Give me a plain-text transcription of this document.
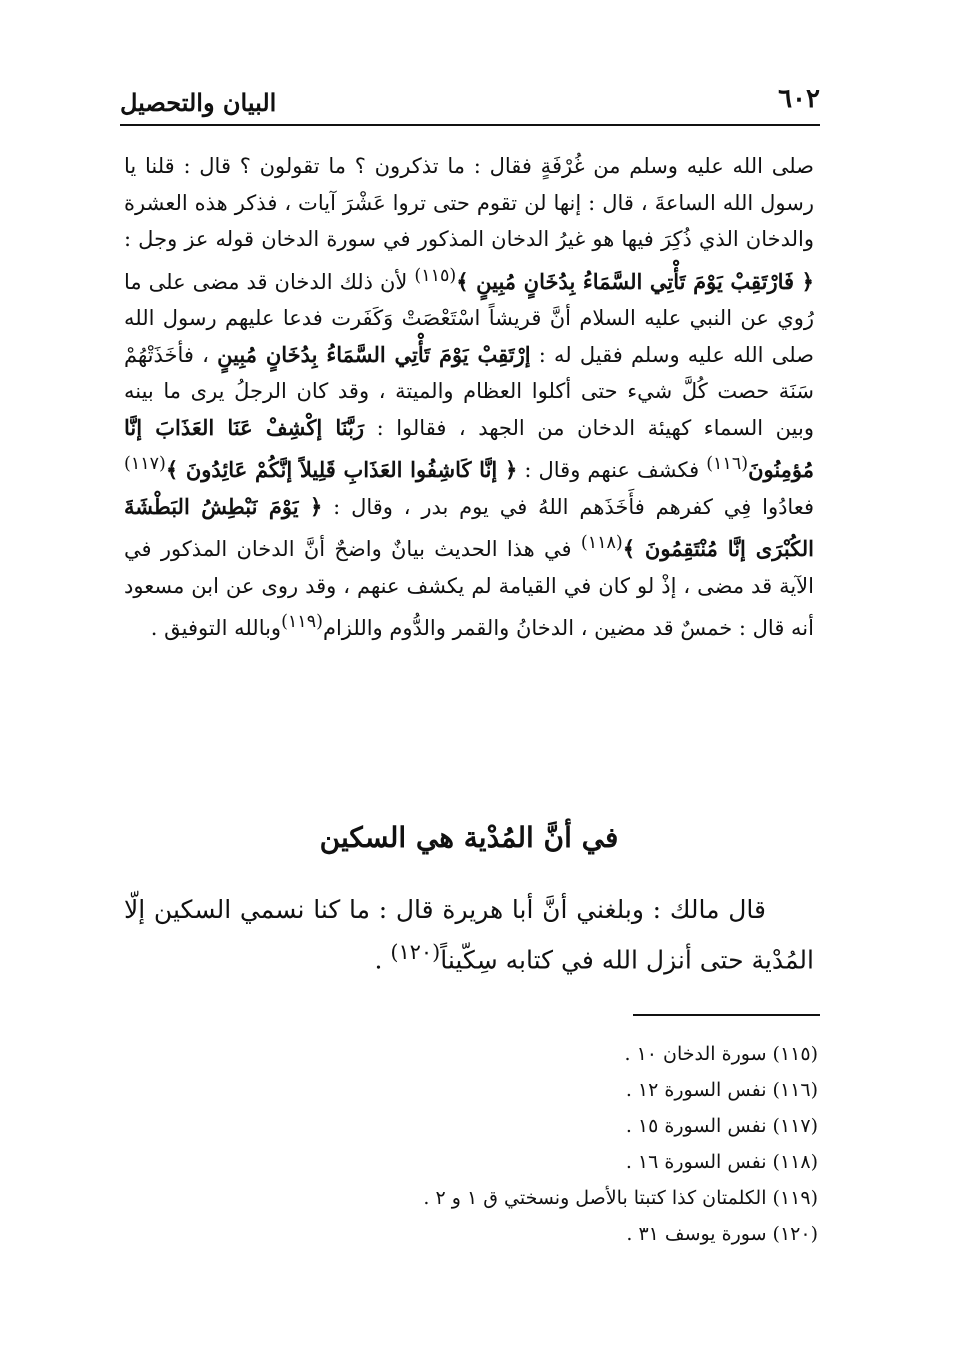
٦٠٢
البيان والتحصيل

صلى الله عليه وسلم من غُرْفَةٍ فقال : ما تذكرون ؟ ما تقولون ؟ قال : قلنا يا رسول الله الساعةَ ، قال : إنها لن تقوم حتى تروا عَشْرَ آيات ، فذكر هذه العشرة والدخان الذي ذُكِرَ فيها هو غيرُ الدخان المذكور في سورة الدخان قوله عز وجل : ﴿ فَارْتَقِبْ يَوْمَ تَأْتِي السَّمَاءُ بِدُخَانٍ مُبِينٍ ﴾$^{(١١٥)}$ لأن ذلك الدخان قد مضى على ما رُوي عن النبي عليه السلام أنَّ قريشاً اسْتَعْصَتْ وَكَفَرت فدعا عليهم رسول الله صلى الله عليه وسلم فقيل له : إرْتَقِبْ يَوْمَ تَأْتِي السَّمَاءُ بِدُخَانٍ مُبِينٍ ، فأخَذَتْهُمْ سَنَة حصت كُلَّ شيء حتى أكلوا العظام والميتة ، وقد كان الرجلُ يرى ما بينه وبين السماء كهيئة الدخان من الجهد ، فقالوا : رَبَّنَا إكْشِفْ عَنَا العَذَابَ إنَّا مُؤمِنُونَ$^{(١١٦)}$ فكشف عنهم وقال : ﴿ إنَّا كَاشِفُوا العَذَابِ قَلِيلاً إنَّكُمْ عَائِدُونَ ﴾$^{(١١٧)}$ فعادُوا فِي كفرهم فأَخَذَهم اللهُ في يوم بدر ، وقال : ﴿ يَوْمَ نَبْطِشُ البَطْشَةَ الكُبْرَى إنَّا مُنْتَقِمُونَ ﴾$^{(١١٨)}$ في هذا الحديث بيانٌ واضحٌ أنَّ الدخان المذكور في الآية قد مضى ، إذْ لو كان في القيامة لم يكشف عنهم ، وقد روى عن ابن مسعود أنه قال : خمسٌ قد مضين ، الدخانُ والقمر والدُّوم واللزام$^{(١١٩)}$وبالله التوفيق .

في أنَّ المُدْية هي السكين

قال مالك : وبلغني أنَّ أبا هريرة قال : ما كنا نسمي السكين إلّا المُدْية حتى أنزل الله في كتابه سِكّيناً$^{(١٢٠)}$ .

(١١٥) سورة الدخان ١٠ .
(١١٦) نفس السورة ١٢ .
(١١٧) نفس السورة ١٥ .
(١١٨) نفس السورة ١٦ .
(١١٩) الكلمتان كذا كتبتا بالأصل ونسختي ق ١ و ٢ .
(١٢٠) سورة يوسف ٣١ .
